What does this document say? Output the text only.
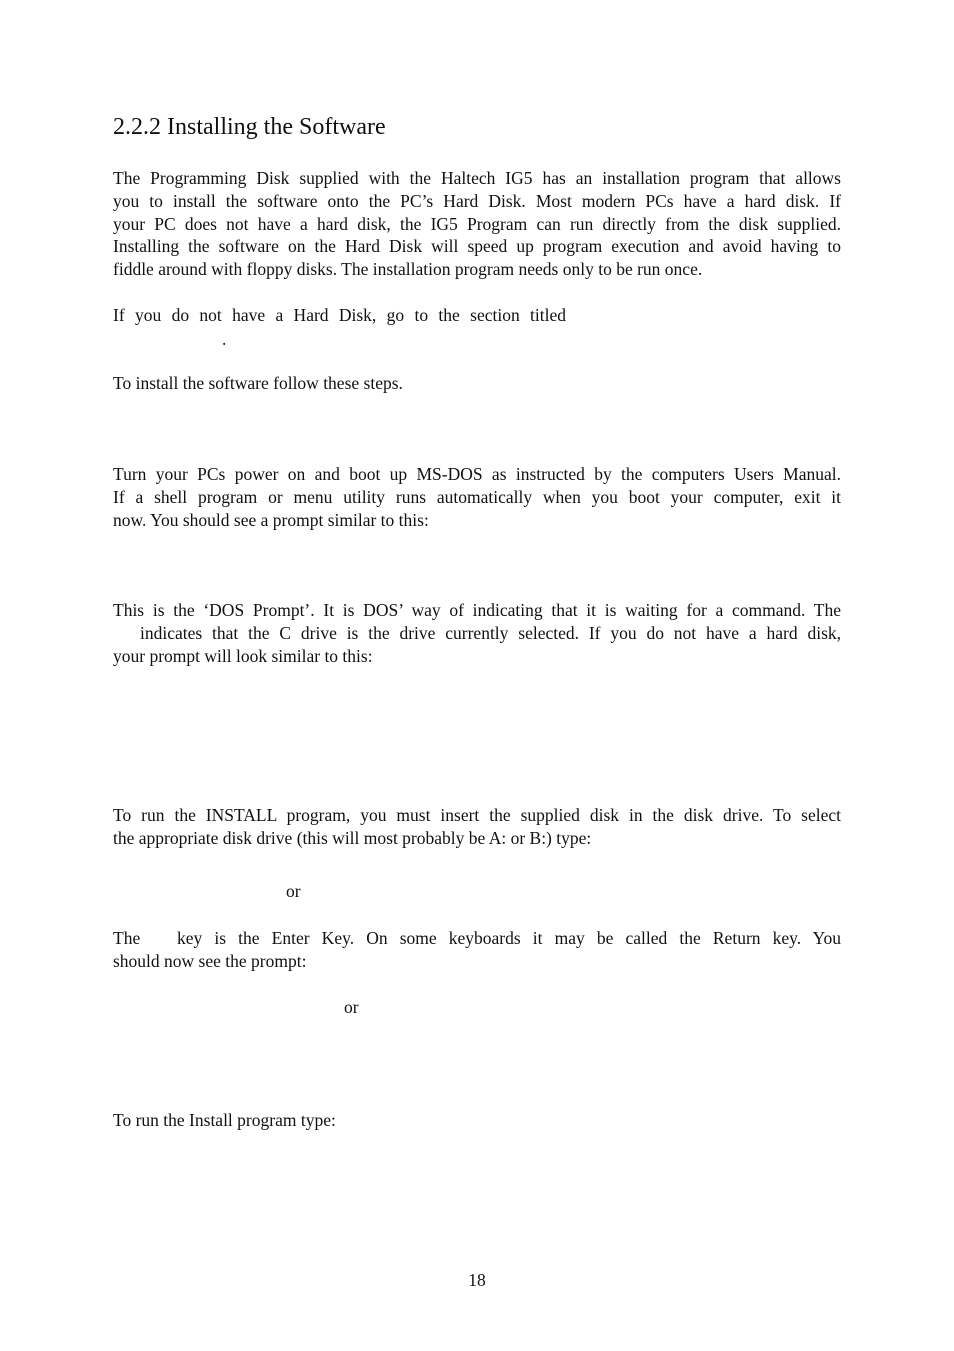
2.2.2 Installing the Software
The Programming Disk supplied with the Haltech IG5 has an installation program that allows
you to install the software onto the PC’s Hard Disk. Most modern PCs have a hard disk. If
your PC does not have a hard disk, the IG5 Program can run directly from the disk supplied.
Installing the software on the Hard Disk will speed up program execution and avoid having to
fiddle around with floppy disks. The installation program needs only to be run once.
If you do not have a Hard Disk, go to the section titled
.
To install the software follow these steps.
Turn your PCs power on and boot up MS-DOS as instructed by the computers Users Manual.
If a shell program or menu utility runs automatically when you boot your computer, exit it
now. You should see a prompt similar to this:
This is the ‘DOS Prompt’. It is DOS’ way of indicating that it is waiting for a command. The
indicates that the C drive is the drive currently selected. If you do not have a hard disk,
your prompt will look similar to this:
To run the INSTALL program, you must insert the supplied disk in the disk drive. To select
the appropriate disk drive (this will most probably be A: or B:) type:
or
The key is the Enter Key. On some keyboards it may be called the Return key. You
should now see the prompt:
or
To run the Install program type:
18
